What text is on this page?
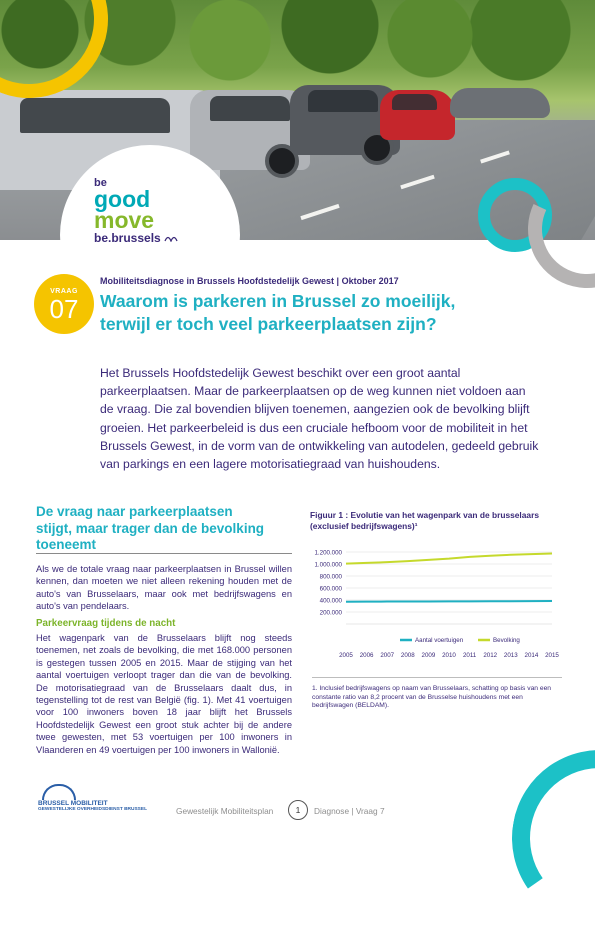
be
good
move
be.brussels
VRAAG
07
Mobiliteitsdiagnose in Brussels Hoofdstedelijk Gewest | Oktober 2017
Waarom is parkeren in Brussel zo moeilijk,
terwijl er toch veel parkeerplaatsen zijn?
Het Brussels Hoofdstedelijk Gewest beschikt over een groot aantal parkeerplaatsen. Maar de parkeerplaatsen op de weg kunnen niet voldoen aan de vraag. Die zal bovendien blijven toenemen, aangezien ook de bevolking blijft groeien. Het parkeerbeleid is dus een cruciale hefboom voor de mobiliteit in het Brussels Gewest, in de vorm van de ontwikkeling van autodelen, gedeeld gebruik van parkings en een lagere motorisatiegraad van huishoudens.
De vraag naar parkeerplaatsen
stijgt, maar trager dan de bevolking
toeneemt
Als we de totale vraag naar parkeerplaatsen in Brussel willen kennen, dan moeten we niet alleen rekening houden met de auto's van Brusselaars, maar ook met bedrijfswagens en auto's van pendelaars.
Parkeervraag tijdens de nacht
Het wagenpark van de Brusselaars blijft nog steeds toenemen, net zoals de bevolking, die met 168.000 personen is gestegen tussen 2005 en 2015. Maar de stijging van het aantal voertuigen verloopt trager dan die van de bevolking. De motorisatiegraad van de Brusselaars daalt dus, in tegenstelling tot de rest van België (fig. 1). Met 41 voertuigen voor 100 inwoners boven 18 jaar blijft het Brussels Hoofdstedelijk Gewest een groot stuk achter bij de andere twee gewesten, met 53 voertuigen per 100 inwoners in Vlaanderen en 49 voertuigen per 100 inwoners in Wallonië.
Figuur 1 : Evolutie van het wagenpark van de brusselaars
(exclusief bedrijfswagens)¹
200.000
400.000
600.000
800.000
1.000.000
1.200.000
2005 2006 2007 2008 2009 2010 2011 2012 2013 2014 2015
Aantal voertuigen	Bevolking
1. Inclusief bedrijfswagens op naam van Brusselaars, schatting op basis van een constante ratio van 8,2 procent van de Brusselse huishoudens met een bedrijfswagen (BELDAM).
BRUSSEL MOBILITEIT
GEWESTELIJKE OVERHEIDSDIENST BRUSSEL	Gewestelijk Mobiliteitsplan	1	Diagnose | Vraag 7
